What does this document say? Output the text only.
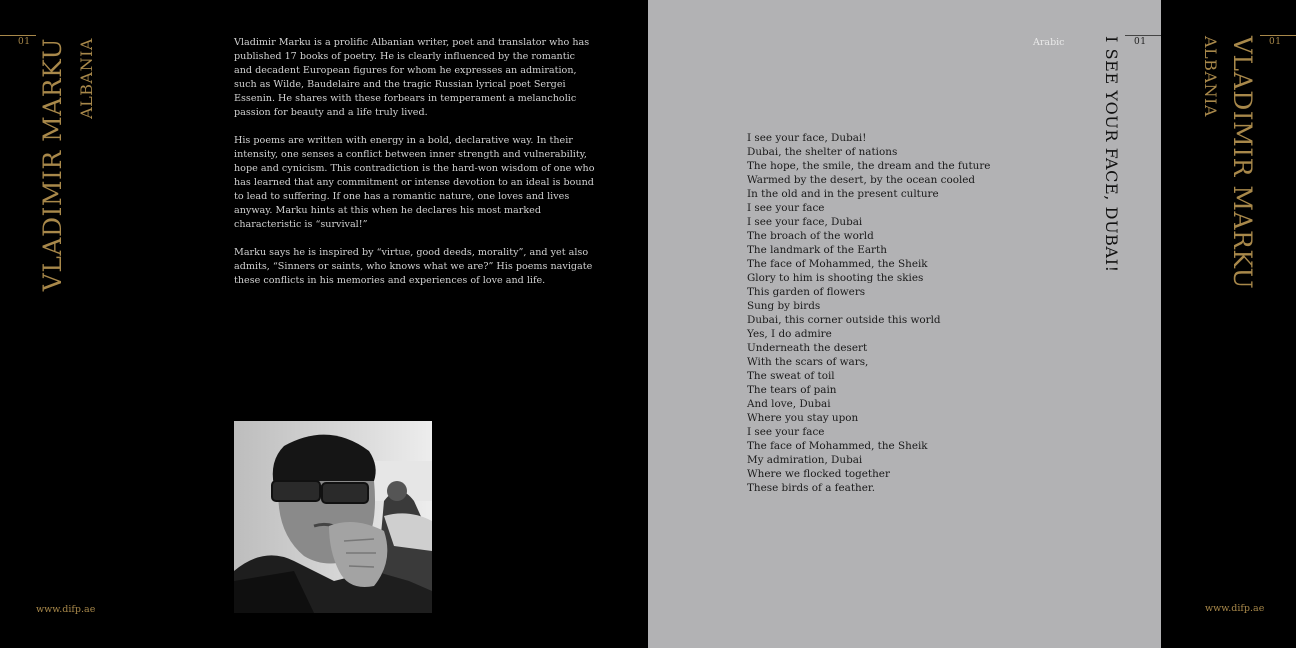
01 VLADIMIR MARKU ALBANIA	Vladimir Marku is a prolific Albanian writer, poet and translator who has published 17 books of poetry. He is clearly influenced by the romantic and decadent European figures for whom he expresses an admiration, such as Wilde, Baudelaire and the tragic Russian lyrical poet Sergei Essenin. He shares with these forbears in temperament a melancholic passion for beauty and a life truly lived.

His poems are written with energy in a bold, declarative way. In their intensity, one senses a conflict between inner strength and vulnerability, hope and cynicism. This contradiction is the hard-won wisdom of one who has learned that any commitment or intense devotion to an ideal is bound to lead to suffering. If one has a romantic nature, one loves and lives anyway. Marku hints at this when he declares his most marked characteristic is “survival!”

Marku says he is inspired by “virtue, good deeds, morality”, and yet also admits, “Sinners or saints, who knows what we are?” His poems navigate these conflicts in his memories and experiences of love and life.

www.difp.ae
Arabic	01
I SEE YOUR FACE, DUBAI!
I see your face, Dubai!
Dubai, the shelter of nations
The hope, the smile, the dream and the future
Warmed by the desert, by the ocean cooled
In the old and in the present culture
I see your face
I see your face, Dubai
The broach of the world
The landmark of the Earth
The face of Mohammed, the Sheik
Glory to him is shooting the skies
This garden of flowers
Sung by birds
Dubai, this corner outside this world
Yes, I do admire
Underneath the desert
With the scars of wars,
The sweat of toil
The tears of pain
And love, Dubai
Where you stay upon
I see your face
The face of Mohammed, the Sheik
My admiration, Dubai
Where we flocked together
These birds of a feather.
01
VLADIMIR MARKU
ALBANIA
www.difp.ae
